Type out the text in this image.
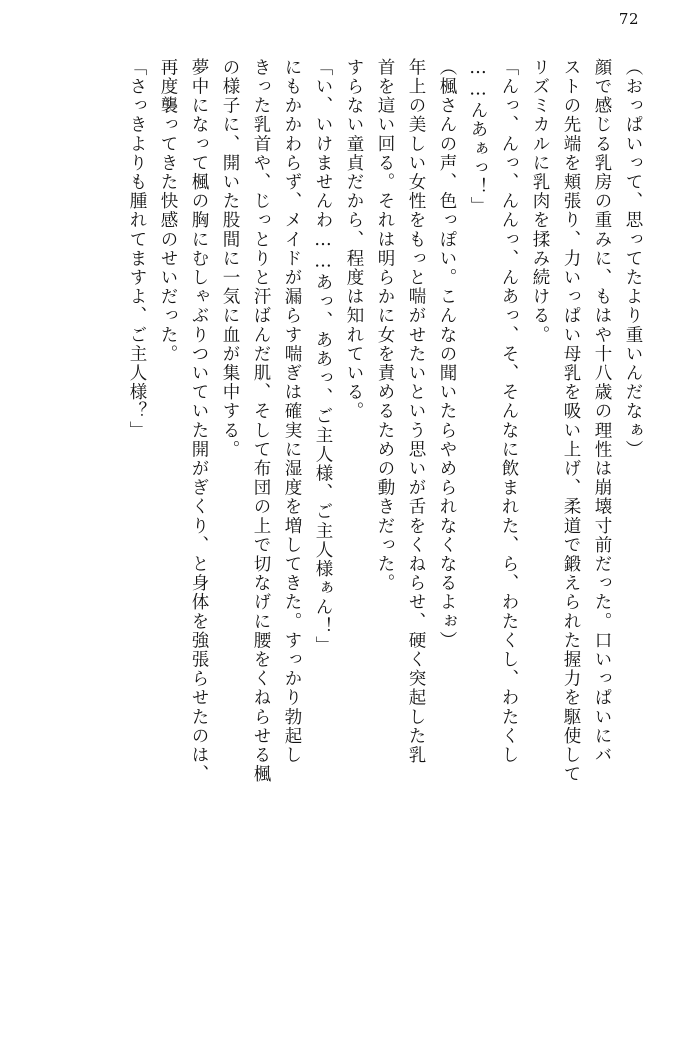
72
（おっぱいって、思ってたより重いんだなぁ）
顔で感じる乳房の重みに、もはや十八歳の理性は崩壊寸前だった。口いっぱいにバ
ストの先端を頬張り、力いっぱい母乳を吸い上げ、柔道で鍛えられた握力を駆使して
リズミカルに乳肉を揉み続ける。
「んっ、んっ、んんっ、んあっ、そ、そんなに飲まれた、ら、わたくし、わたくし
……んあぁっ！」
（楓さんの声、色っぽい。こんなの聞いたらやめられなくなるよぉ）
年上の美しい女性をもっと喘がせたいという思いが舌をくねらせ、硬く突起した乳
首を這い回る。それは明らかに女を責めるための動きだった。
すらない童貞だから、程度は知れている。
「い、いけませんわ……あっ、ああっ、ご主人様、ご主人様ぁん！」
にもかかわらず、メイドが漏らす喘ぎは確実に湿度を増してきた。すっかり勃起し
きった乳首や、じっとりと汗ばんだ肌、そして布団の上で切なげに腰をくねらせる楓
の様子に、開いた股間に一気に血が集中する。
夢中になって楓の胸にむしゃぶりついていた開がぎくり、と身体を強張らせたのは、
再度襲ってきた快感のせいだった。
「さっきよりも腫れてますよ、ご主人様？」
